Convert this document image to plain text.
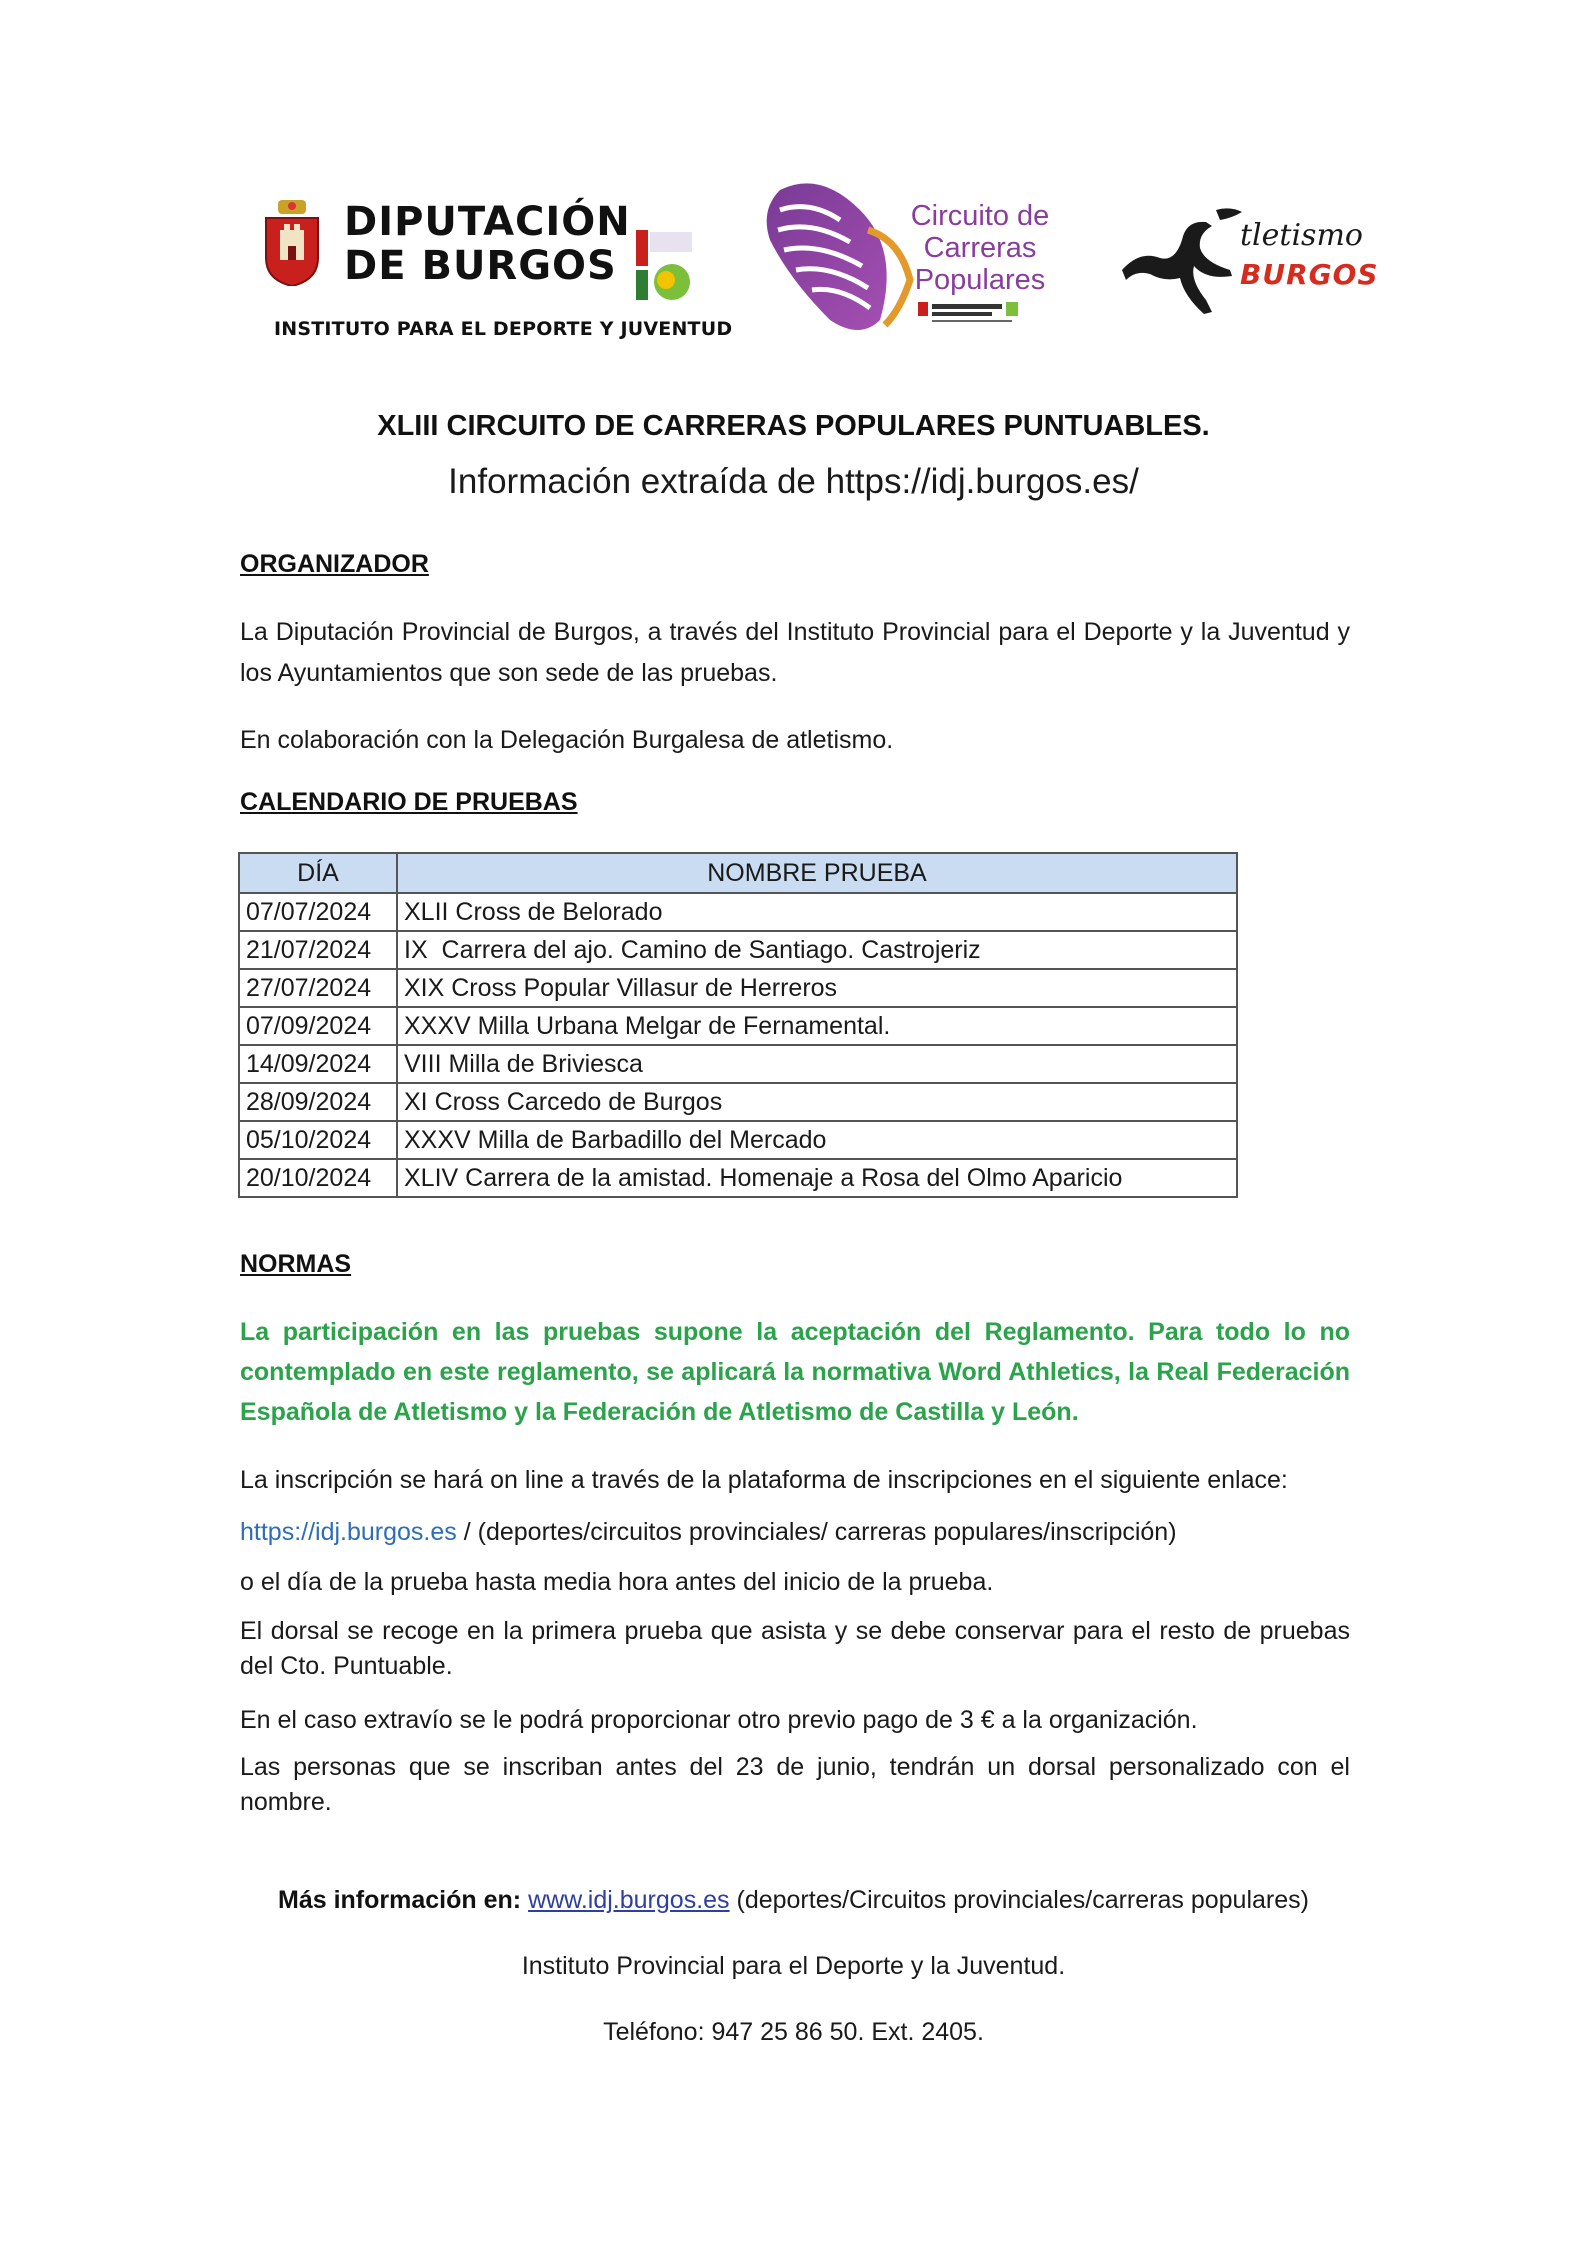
DIPUTACIÓN
DE BURGOS
INSTITUTO PARA EL DEPORTE Y JUVENTUD
Circuito de
Carreras
Populares
tletismo
BURGOS
XLIII CIRCUITO DE CARRERAS POPULARES PUNTUABLES.
Información extraída de https://idj.burgos.es/
ORGANIZADOR

La Diputación Provincial de Burgos, a través del Instituto Provincial para el Deporte y la Juventud y los Ayuntamientos que son sede de las pruebas.

En colaboración con la Delegación Burgalesa de atletismo.

CALENDARIO DE PRUEBAS
DÍA	NOMBRE PRUEBA
07/07/2024	XLII Cross de Belorado
21/07/2024	IX  Carrera del ajo. Camino de Santiago. Castrojeriz
27/07/2024	XIX Cross Popular Villasur de Herreros
07/09/2024	XXXV Milla Urbana Melgar de Fernamental.
14/09/2024	VIII Milla de Briviesca
28/09/2024	XI Cross Carcedo de Burgos
05/10/2024	XXXV Milla de Barbadillo del Mercado
20/10/2024	XLIV Carrera de la amistad. Homenaje a Rosa del Olmo Aparicio
NORMAS

La participación en las pruebas supone la aceptación del Reglamento. Para todo lo no contemplado en este reglamento, se aplicará la normativa Word Athletics, la Real Federación Española de Atletismo y la Federación de Atletismo de Castilla y León.

La inscripción se hará on line a través de la plataforma de inscripciones en el siguiente enlace:

https://idj.burgos.es / (deportes/circuitos provinciales/ carreras populares/inscripción)

o el día de la prueba hasta media hora antes del inicio de la prueba.

El dorsal se recoge en la primera prueba que asista y se debe conservar para el resto de pruebas del Cto. Puntuable.

En el caso extravío se le podrá proporcionar otro previo pago de 3 € a la organización.

Las personas que se inscriban antes del 23 de junio, tendrán un dorsal personalizado con el nombre.

Más información en: www.idj.burgos.es (deportes/Circuitos provinciales/carreras populares)
Instituto Provincial para el Deporte y la Juventud.
Teléfono: 947 25 86 50. Ext. 2405.
